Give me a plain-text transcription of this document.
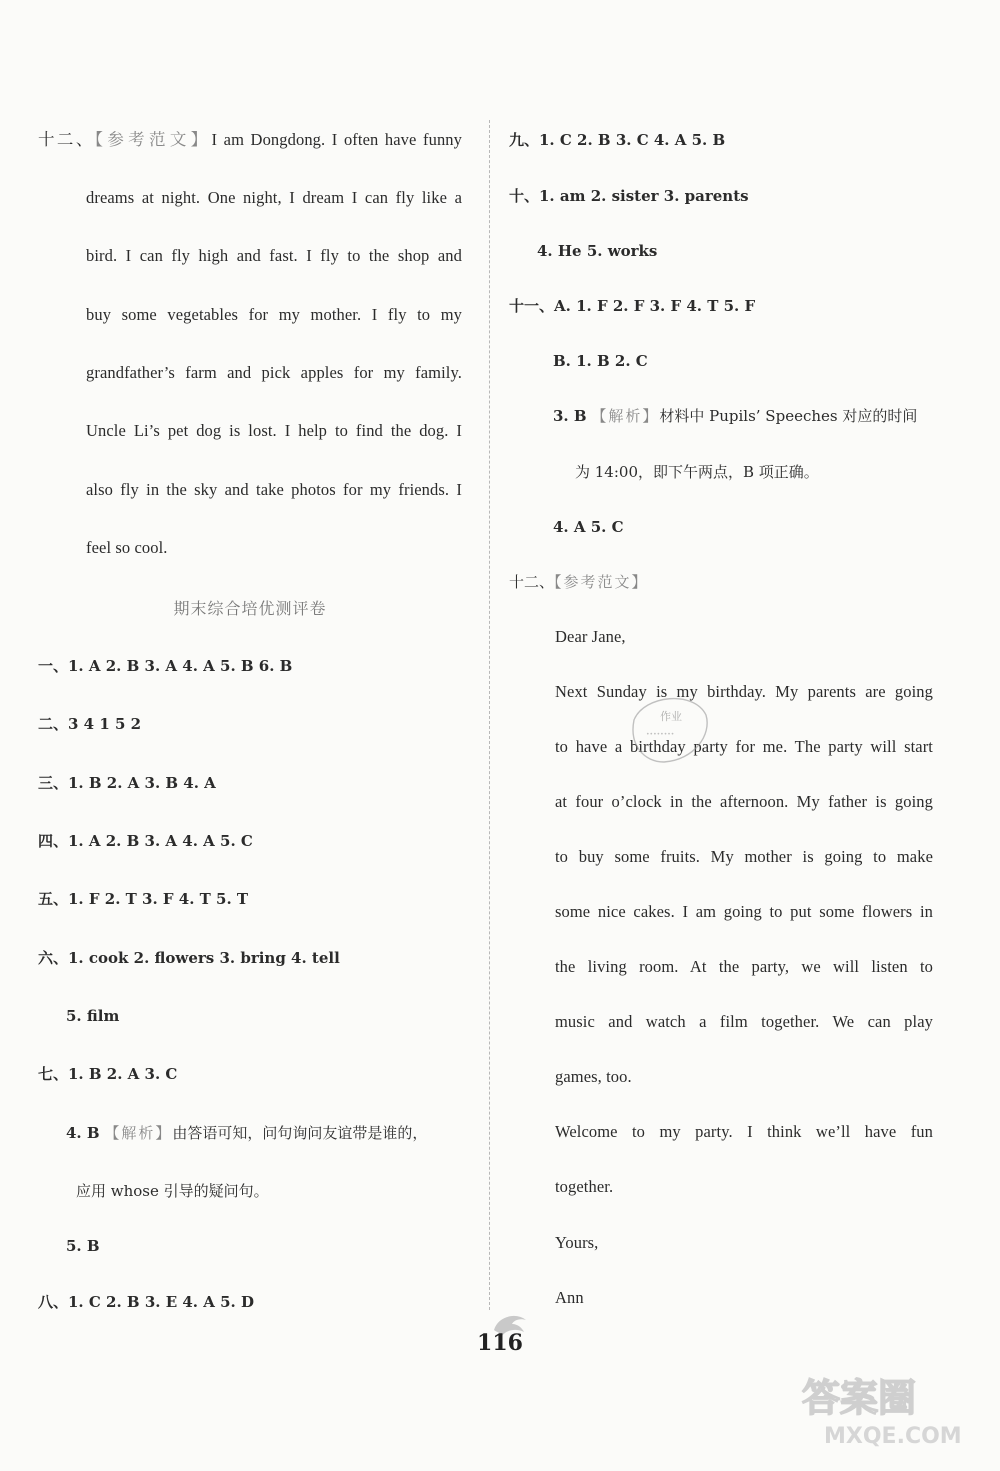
十二、【参考范文】I am Dongdong. I often have funny
dreams at night. One night, I dream I can fly like a
bird. I can fly high and fast. I fly to the shop and
buy some vegetables for my mother. I fly to my
grandfather’s farm and pick apples for my family.
Uncle Li’s pet dog is lost. I help to find the dog. I
also fly in the sky and take photos for my friends. I
feel so cool.
期末综合培优测评卷
一、1. A 2. B 3. A 4. A 5. B 6. B
二、3 4 1 5 2
三、1. B 2. A 3. B 4. A
四、1. A 2. B 3. A 4. A 5. C
五、1. F 2. T 3. F 4. T 5. T
六、1. cook 2. flowers 3. bring 4. tell
5. film
七、1. B 2. A 3. C
4. B 【解析】由答语可知，问句询问友谊带是谁的，
应用 whose 引导的疑问句。
5. B
八、1. C 2. B 3. E 4. A 5. D
九、1. C 2. B 3. C 4. A 5. B
十、1. am 2. sister 3. parents
4. He 5. works
十一、A. 1. F 2. F 3. F 4. T 5. F
B. 1. B 2. C
3. B 【解析】材料中 Pupils’ Speeches 对应的时间
为 14:00，即下午两点，B 项正确。
4. A 5. C
十二、【参考范文】
Dear Jane,
Next Sunday is my birthday. My parents are going
to have a birthday party for me. The party will start
at four o’clock in the afternoon. My father is going
to buy some fruits. My mother is going to make
some nice cakes. I am going to put some flowers in
the living room. At the party, we will listen to
music and watch a film together. We can play
games, too.
Welcome to my party. I think we’ll have fun
together.
Yours,
Ann
作业
••••••••
116
答案圈
MXQE.COM
